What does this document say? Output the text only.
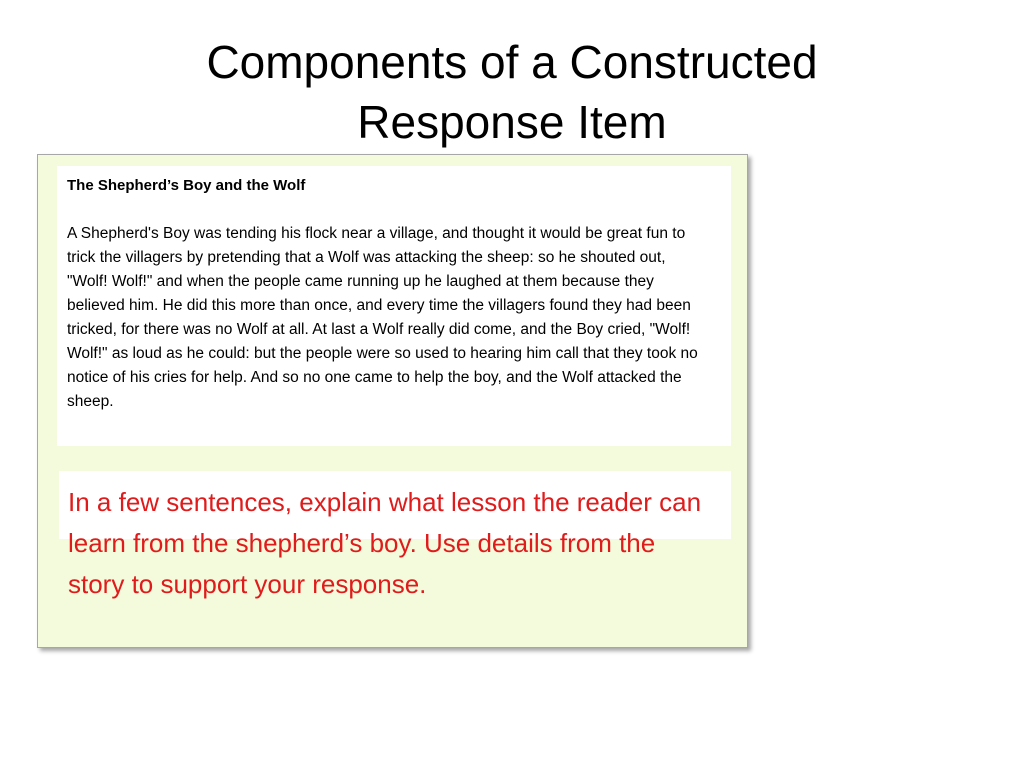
Components of a Constructed
Response Item

The Shepherd’s Boy and the Wolf

A Shepherd's Boy was tending his flock near a village, and thought it would be great fun to trick the villagers by pretending that a Wolf was attacking the sheep: so he shouted out, "Wolf! Wolf!" and when the people came running up he laughed at them because they believed him. He did this more than once, and every time the villagers found they had been tricked, for there was no Wolf at all. At last a Wolf really did come, and the Boy cried, "Wolf! Wolf!" as loud as he could: but the people were so used to hearing him call that they took no notice of his cries for help. And so no one came to help the boy, and the Wolf attacked the sheep.

In a few sentences, explain what lesson the reader can learn from the shepherd’s boy. Use details from the story to support your response.
